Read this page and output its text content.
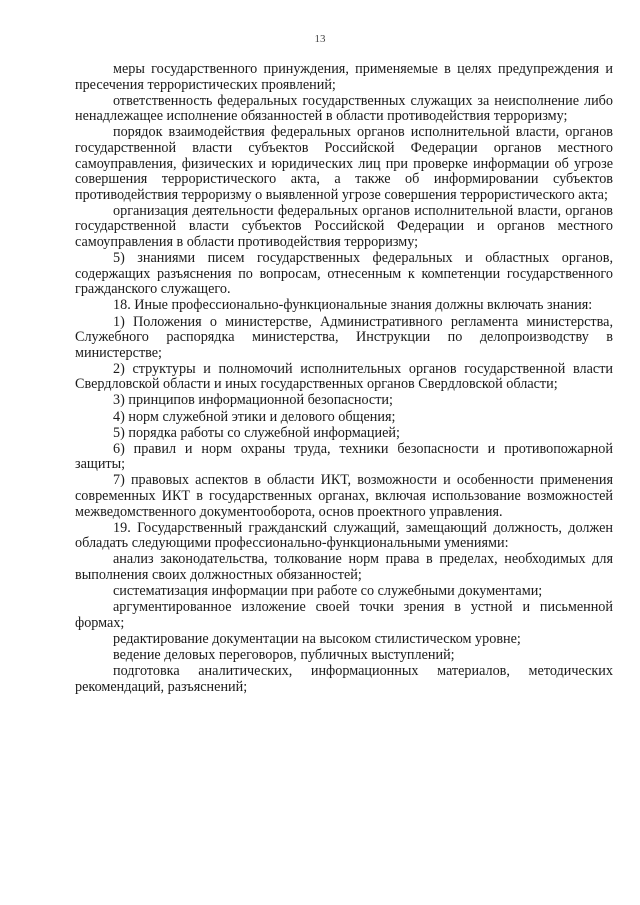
13

меры государственного принуждения, применяемые в целях предупреждения и пресечения террористических проявлений;

ответственность федеральных государственных служащих за неисполнение либо ненадлежащее исполнение обязанностей в области противодействия терроризму;

порядок взаимодействия федеральных органов исполнительной власти, органов государственной власти субъектов Российской Федерации органов местного самоуправления, физических и юридических лиц при проверке информации об угрозе совершения террористического акта, а также об информировании субъектов противодействия терроризму о выявленной угрозе совершения террористического акта;

организация деятельности федеральных органов исполнительной власти, органов государственной власти субъектов Российской Федерации и органов местного самоуправления в области противодействия терроризму;

5) знаниями писем государственных федеральных и областных органов, содержащих разъяснения по вопросам, отнесенным к компетенции государственного гражданского служащего.

18. Иные профессионально-функциональные знания должны включать знания:

1) Положения о министерстве, Административного регламента министерства, Служебного распорядка министерства, Инструкции по делопроизводству в министерстве;

2) структуры и полномочий исполнительных органов государственной власти Свердловской области и иных государственных органов Свердловской области;

3) принципов информационной безопасности;

4) норм служебной этики и делового общения;

5) порядка работы со служебной информацией;

6) правил и норм охраны труда, техники безопасности и противопожарной защиты;

7) правовых аспектов в области ИКТ, возможности и особенности применения современных ИКТ в государственных органах, включая использование возможностей межведомственного документооборота, основ проектного управления.

19. Государственный гражданский служащий, замещающий должность, должен обладать следующими профессионально-функциональными умениями:

анализ законодательства, толкование норм права в пределах, необходимых для выполнения своих должностных обязанностей;

систематизация информации при работе со служебными документами;

аргументированное изложение своей точки зрения в устной и письменной формах;

редактирование документации на высоком стилистическом уровне;

ведение деловых переговоров, публичных выступлений;

подготовка аналитических, информационных материалов, методических рекомендаций, разъяснений;
